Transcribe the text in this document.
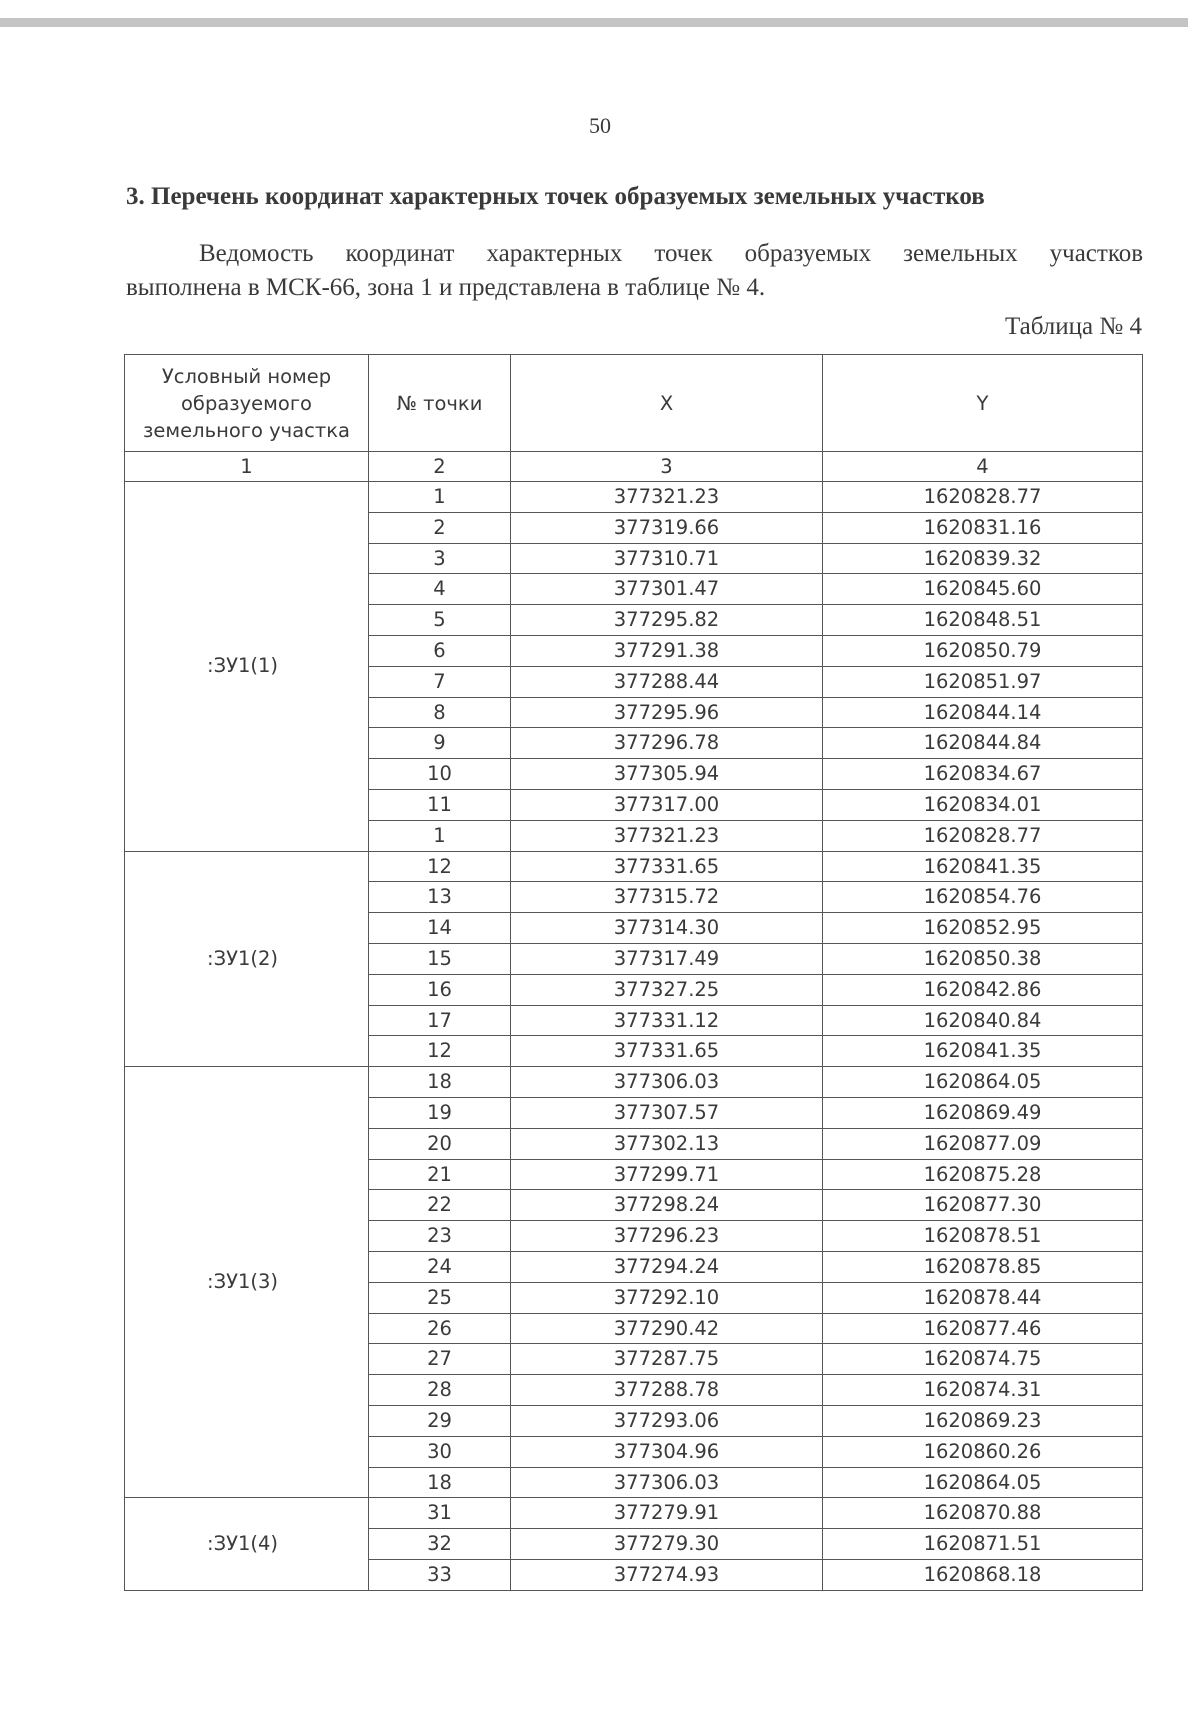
50
3. Перечень координат характерных точек образуемых земельных участков
Ведомость координат характерных точек образуемых земельных участков
выполнена в МСК-66, зона 1 и представлена в таблице № 4.
Таблица № 4
Условный номер образуемого земельного участка	№ точки	X	Y
1	2	3	4
:ЗУ1(1)	1	377321.23	1620828.77
	2	377319.66	1620831.16
	3	377310.71	1620839.32
	4	377301.47	1620845.60
	5	377295.82	1620848.51
	6	377291.38	1620850.79
	7	377288.44	1620851.97
	8	377295.96	1620844.14
	9	377296.78	1620844.84
	10	377305.94	1620834.67
	11	377317.00	1620834.01
	1	377321.23	1620828.77
:ЗУ1(2)	12	377331.65	1620841.35
	13	377315.72	1620854.76
	14	377314.30	1620852.95
	15	377317.49	1620850.38
	16	377327.25	1620842.86
	17	377331.12	1620840.84
	12	377331.65	1620841.35
:ЗУ1(3)	18	377306.03	1620864.05
	19	377307.57	1620869.49
	20	377302.13	1620877.09
	21	377299.71	1620875.28
	22	377298.24	1620877.30
	23	377296.23	1620878.51
	24	377294.24	1620878.85
	25	377292.10	1620878.44
	26	377290.42	1620877.46
	27	377287.75	1620874.75
	28	377288.78	1620874.31
	29	377293.06	1620869.23
	30	377304.96	1620860.26
	18	377306.03	1620864.05
:ЗУ1(4)	31	377279.91	1620870.88
	32	377279.30	1620871.51
	33	377274.93	1620868.18
